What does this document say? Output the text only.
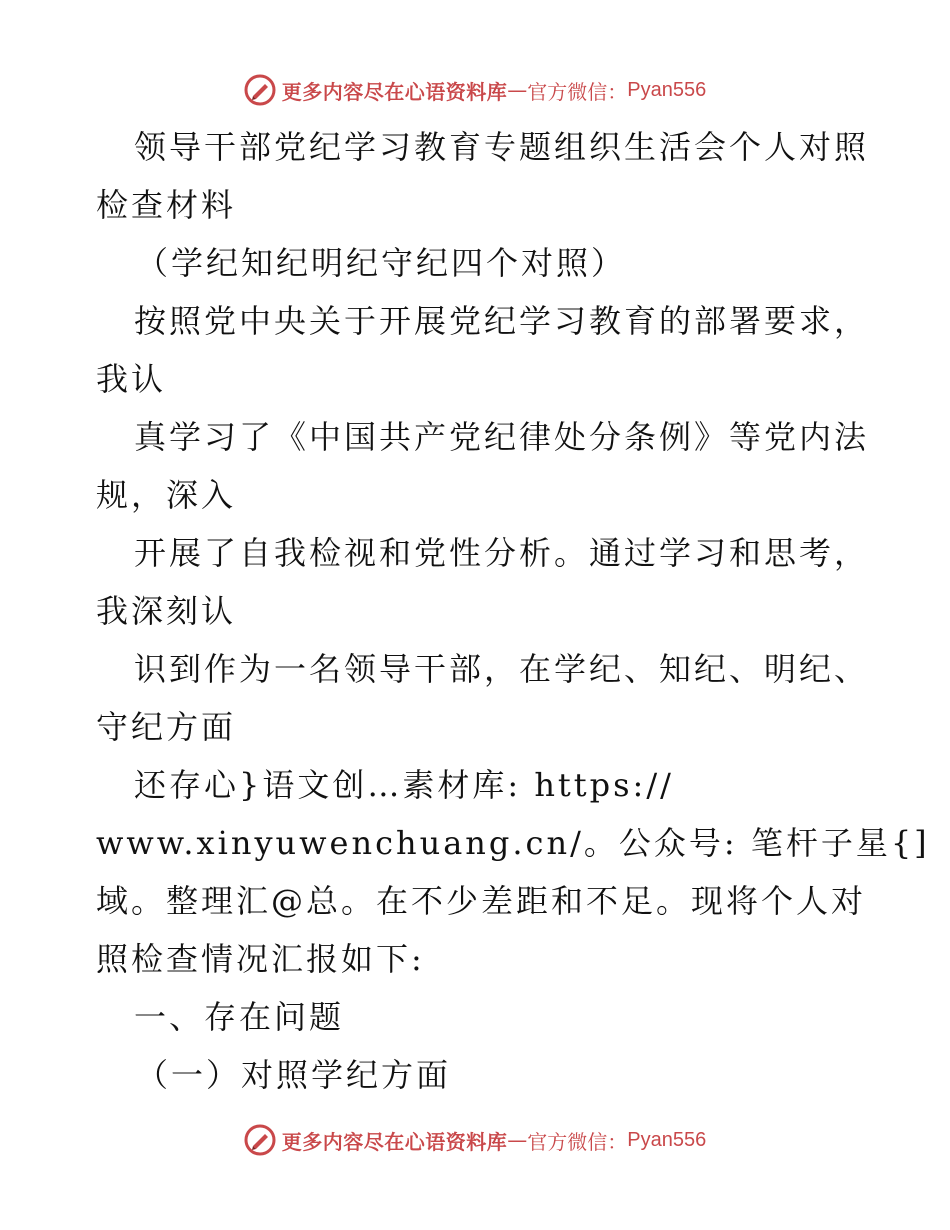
更多内容尽在心语资料库 — 官方微信： Pyan556
领导干部党纪学习教育专题组织生活会个人对照
检查材料
（学纪知纪明纪守纪四个对照）
按照党中央关于开展党纪学习教育的部署要求，
我认
真学习了《中国共产党纪律处分条例》等党内法
规，深入
开展了自我检视和党性分析。通过学习和思考，
我深刻认
识到作为一名领导干部，在学纪、知纪、明纪、
守纪方面
还存心}语文创…素材库: https://
www.xinyuwenchuang.cn/。公众号: 笔杆子星{]
域。整理汇@总。在不少差距和不足。现将个人对
照检查情况汇报如下:
一、存在问题
（一）对照学纪方面
更多内容尽在心语资料库 — 官方微信： Pyan556
